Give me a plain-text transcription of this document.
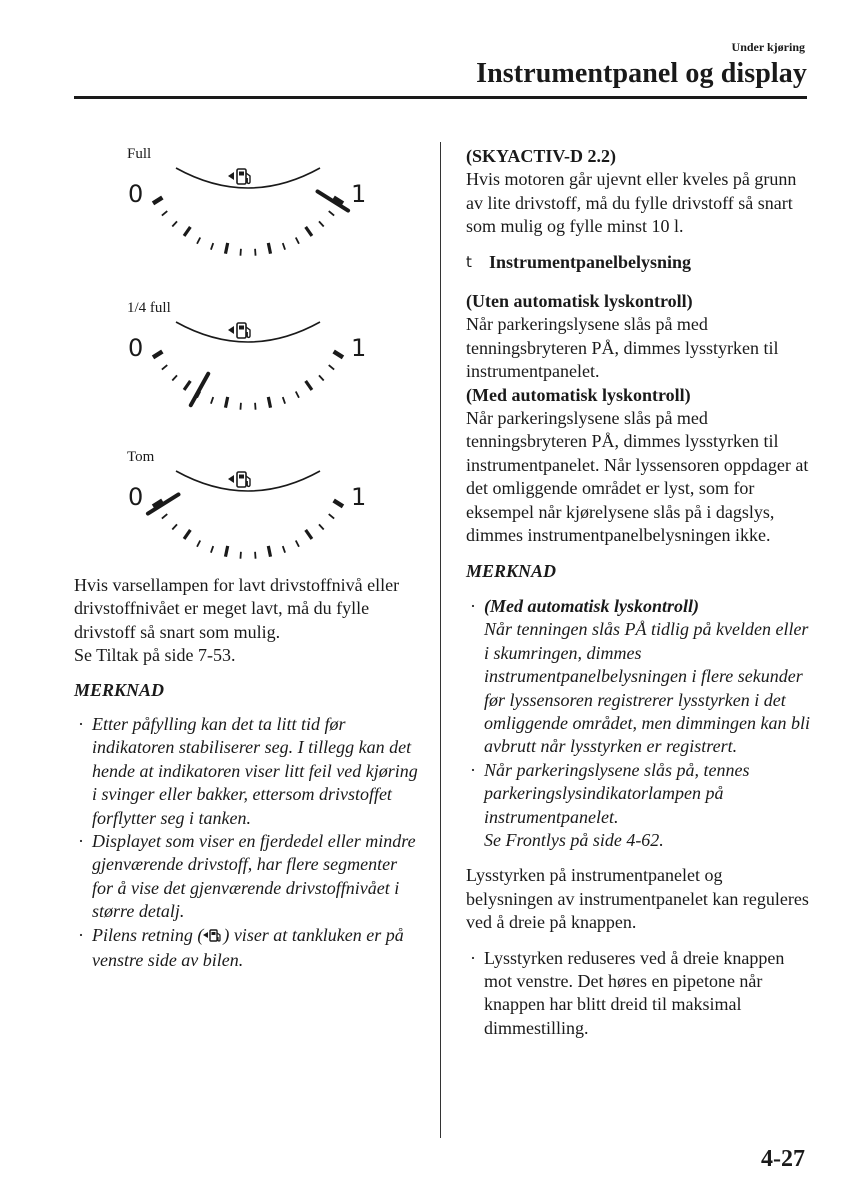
Under kjøring
Instrumentpanel og display
Full
0	1
1/4 full
0	1
Tom
0	1

Hvis varsellampen for lavt drivstoffnivå eller drivstoffnivået er meget lavt, må du fylle drivstoff så snart som mulig.

Se Tiltak på side 7-53.

MERKNAD

· Etter påfylling kan det ta litt tid før indikatoren stabiliserer seg. I tillegg kan det hende at indikatoren viser litt feil ved kjøring i svinger eller bakker, ettersom drivstoffet forflytter seg i tanken.
· Displayet som viser en fjerdedel eller mindre gjenværende drivstoff, har flere segmenter for å vise det gjenværende drivstoffnivået i større detalj.
· Pilens retning ( ) viser at tankluken er på venstre side av bilen.

(SKYACTIV-D 2.2)

Hvis motoren går ujevnt eller kveles på grunn av lite drivstoff, må du fylle drivstoff så snart som mulig og fylle minst 10 l.

t Instrumentpanelbelysning

(Uten automatisk lyskontroll)

Når parkeringslysene slås på med tenningsbryteren PÅ, dimmes lysstyrken til instrumentpanelet.

(Med automatisk lyskontroll)

Når parkeringslysene slås på med tenningsbryteren PÅ, dimmes lysstyrken til instrumentpanelet. Når lyssensoren oppdager at det omliggende området er lyst, som for eksempel når kjørelysene slås på i dagslys, dimmes instrumentpanelbelysningen ikke.

MERKNAD

· (Med automatisk lyskontroll)
Når tenningen slås PÅ tidlig på kvelden eller i skumringen, dimmes instrumentpanelbelysningen i flere sekunder før lyssensoren registrerer lysstyrken i det omliggende området, men dimmingen kan bli avbrutt når lysstyrken er registrert.
· Når parkeringslysene slås på, tennes parkeringslysindikatorlampen på instrumentpanelet.
Se Frontlys på side 4-62.

Lysstyrken på instrumentpanelet og belysningen av instrumentpanelet kan reguleres ved å dreie på knappen.

· Lysstyrken reduseres ved å dreie knappen mot venstre. Det høres en pipetone når knappen har blitt dreid til maksimal dimmestilling.
4-27
